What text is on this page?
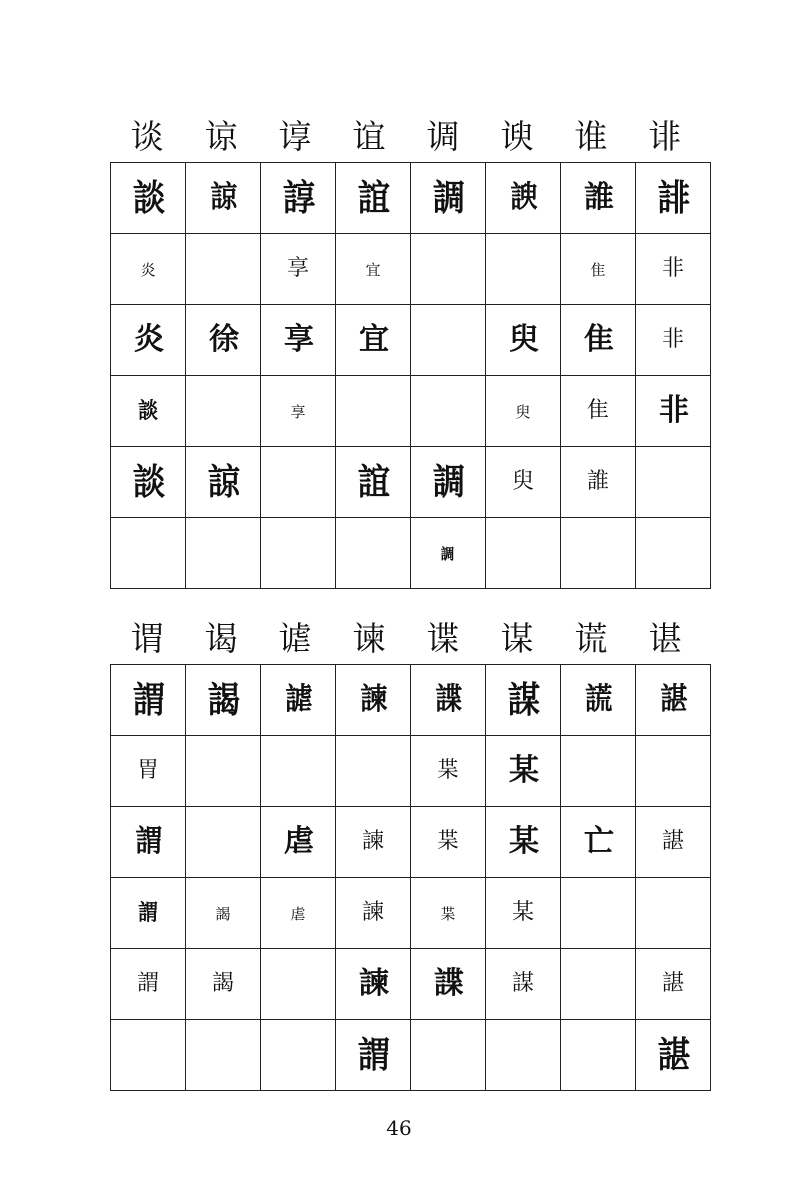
谈	谅	谆	谊	调	谀	谁	诽
談	諒	諄	誼	調	諛	誰	誹
炎		享	宜			隹	非
炎	徐	享	宜		臾	隹	非
談		享			臾	隹	非
談	諒		誼	調	臾	誰	
				調			
谓	谒	谑	谏	谍	谋	谎	谌
謂	謁	謔	諫	諜	謀	謊	諶
胃				枼	某		
謂		虐	諫	枼	某	亡	諶
謂	謁	虐	諫	枼	某		
謂	謁		諫	諜	謀		諶
			謂				諶
46
